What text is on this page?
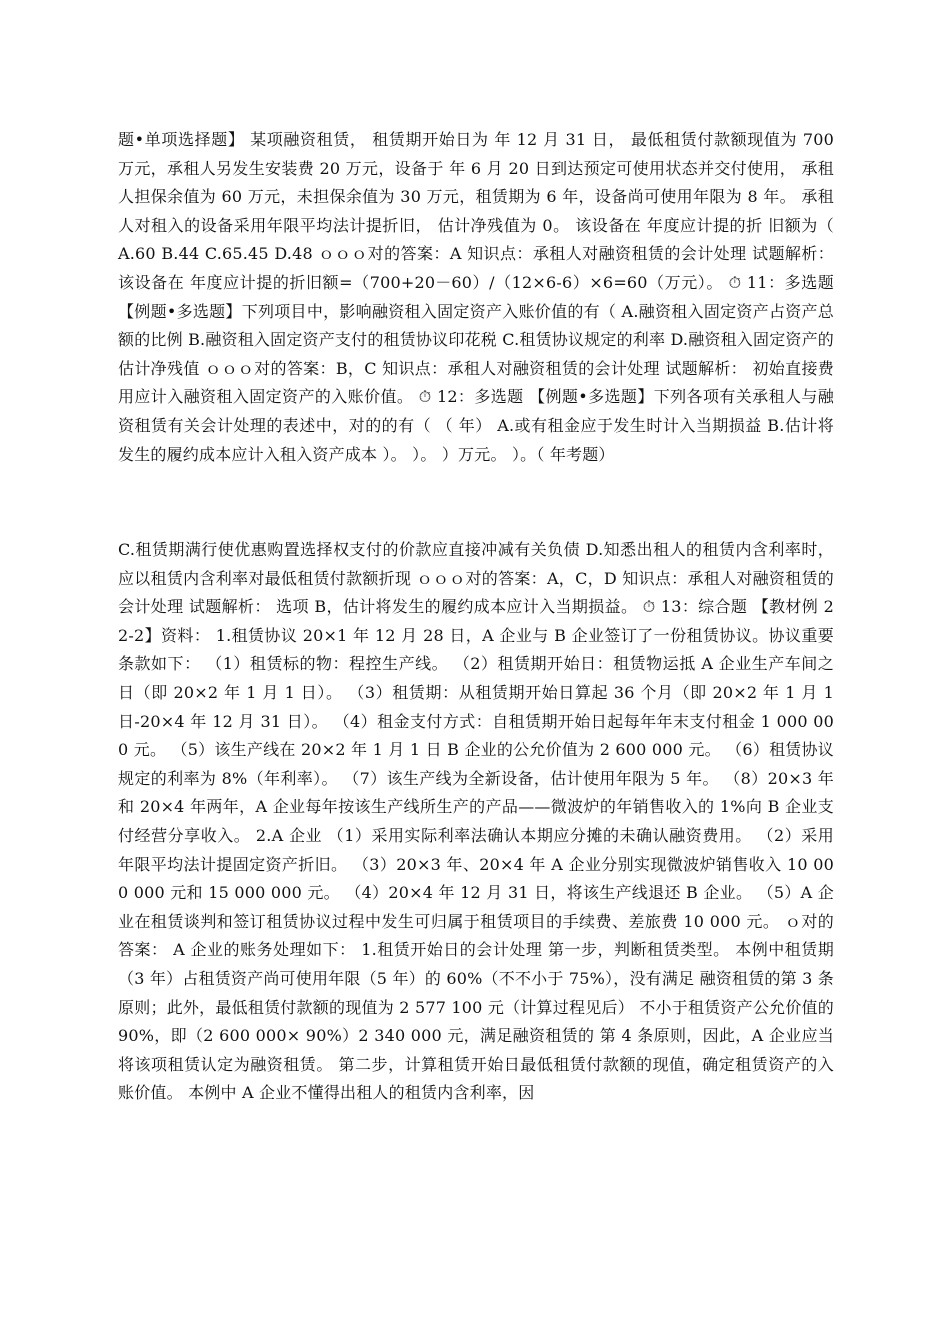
题•单项选择题】 某项融资租赁， 租赁期开始日为 年 12 月 31 日， 最低租赁付款额现值为 700 万元，承租人另发生安装费 20 万元，设备于 年 6 月 20 日到达预定可使用状态并交付使用， 承租人担保余值为 60 万元，未担保余值为 30 万元，租赁期为 6 年，设备尚可使用年限为 8 年。 承租人对租入的设备采用年限平均法计提折旧， 估计净残值为 0。 该设备在 年度应计提的折 旧额为（ A.60 B.44 C.65.45 D.48 ｏｏｏ对的答案：A 知识点：承租人对融资租赁的会计处理 试题解析： 该设备在 年度应计提的折旧额=（700+20－60）/（12×6-6）×6=60（万元）。 ⏱ 11：多选题 【例题•多选题】下列项目中，影响融资租入固定资产入账价值的有（ A.融资租入固定资产占资产总额的比例 B.融资租入固定资产支付的租赁协议印花税 C.租赁协议规定的利率 D.融资租入固定资产的估计净残值 ｏｏｏ对的答案：B，C 知识点：承租人对融资租赁的会计处理 试题解析： 初始直接费用应计入融资租入固定资产的入账价值。 ⏱ 12：多选题 【例题•多选题】下列各项有关承租人与融资租赁有关会计处理的表述中，对的的有（ （ 年） A.或有租金应于发生时计入当期损益 B.估计将发生的履约成本应计入租入资产成本 ）。 ）。 ）万元。 ）。（ 年考题）
C.租赁期满行使优惠购置选择权支付的价款应直接冲减有关负债 D.知悉出租人的租赁内含利率时，应以租赁内含利率对最低租赁付款额折现 ｏｏｏ对的答案：A，C，D 知识点：承租人对融资租赁的会计处理 试题解析： 选项 B，估计将发生的履约成本应计入当期损益。 ⏱ 13：综合题 【教材例 22-2】资料： 1.租赁协议 20×1 年 12 月 28 日，A 企业与 B 企业签订了一份租赁协议。协议重要条款如下： （1）租赁标的物：程控生产线。 （2）租赁期开始日：租赁物运抵 A 企业生产车间之日（即 20×2 年 1 月 1 日）。 （3）租赁期：从租赁期开始日算起 36 个月（即 20×2 年 1 月 1 日-20×4 年 12 月 31 日）。 （4）租金支付方式：自租赁期开始日起每年年末支付租金 1 000 000 元。 （5）该生产线在 20×2 年 1 月 1 日 B 企业的公允价值为 2 600 000 元。 （6）租赁协议规定的利率为 8%（年利率）。 （7）该生产线为全新设备，估计使用年限为 5 年。 （8）20×3 年和 20×4 年两年，A 企业每年按该生产线所生产的产品——微波炉的年销售收入的 1%向 B 企业支付经营分享收入。 2.A 企业 （1）采用实际利率法确认本期应分摊的未确认融资费用。 （2）采用年限平均法计提固定资产折旧。 （3）20×3 年、20×4 年 A 企业分别实现微波炉销售收入 10 000 000 元和 15 000 000 元。 （4）20×4 年 12 月 31 日，将该生产线退还 B 企业。 （5）A 企业在租赁谈判和签订租赁协议过程中发生可归属于租赁项目的手续费、差旅费 10 000 元。 ｏ对的答案： A 企业的账务处理如下： 1.租赁开始日的会计处理 第一步，判断租赁类型。 本例中租赁期（3 年）占租赁资产尚可使用年限（5 年）的 60%（不不小于 75%），没有满足 融资租赁的第 3 条原则；此外，最低租赁付款额的现值为 2 577 100 元（计算过程见后） 不小于租赁资产公允价值的 90%，即（2 600 000× 90%）2 340 000 元，满足融资租赁的 第 4 条原则，因此，A 企业应当将该项租赁认定为融资租赁。 第二步，计算租赁开始日最低租赁付款额的现值，确定租赁资产的入账价值。 本例中 A 企业不懂得出租人的租赁内含利率，因
